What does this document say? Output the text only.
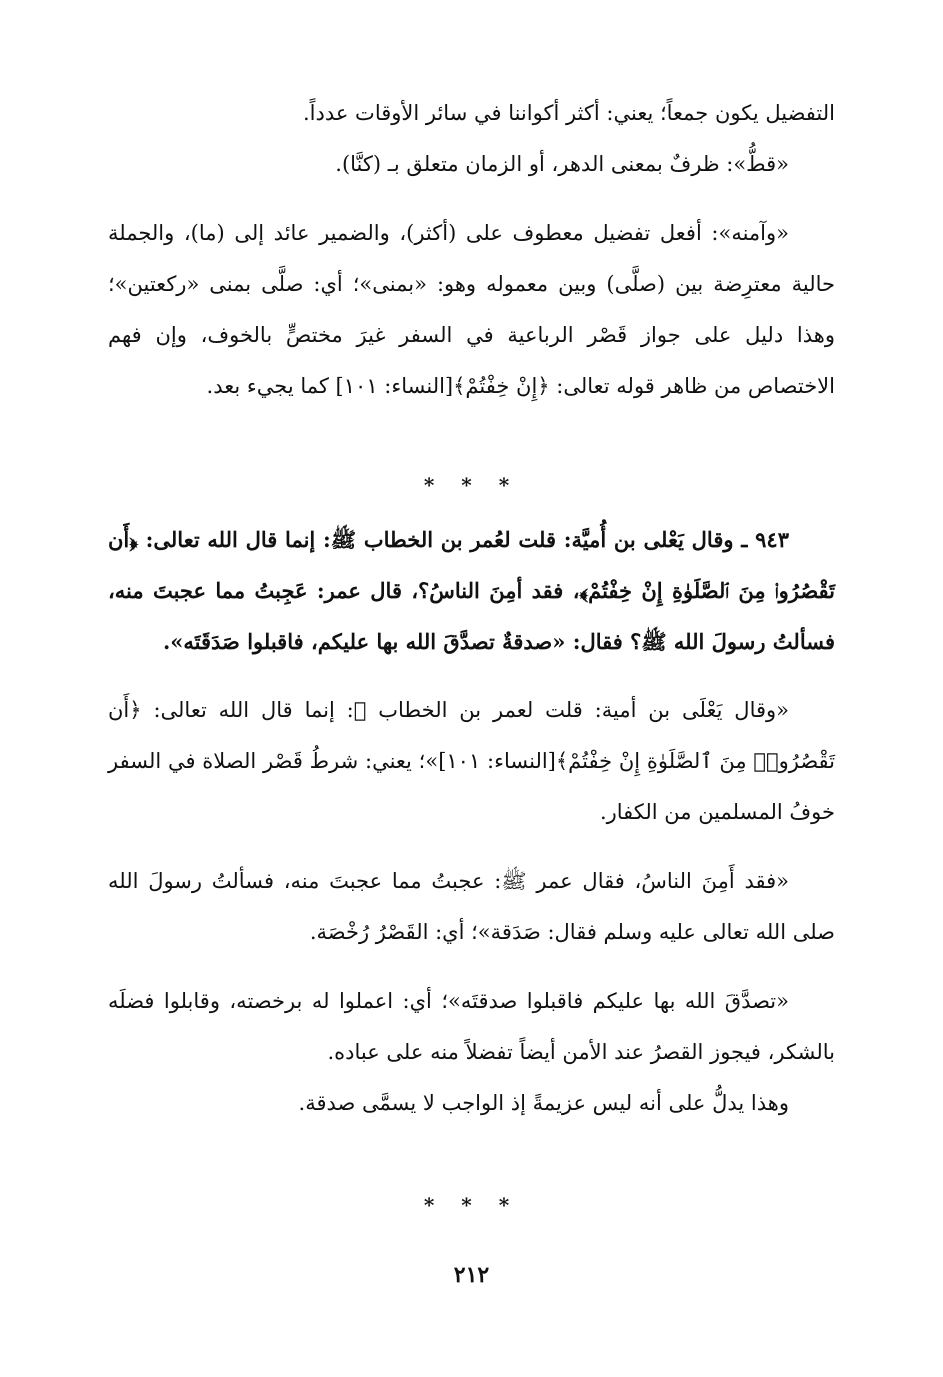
التفضيل يكون جمعاً؛ يعني: أكثر أكواننا في سائر الأوقات عدداً.

«قطُّ»: ظرفٌ بمعنى الدهر، أو الزمان متعلق بـ (كنَّا).

«وآمنه»: أفعل تفضيل معطوف على (أكثر)، والضمير عائد إلى (ما)، والجملة حالية معترِضة بين (صلَّى) وبين معموله وهو: «بمنى»؛ أي: صلَّى بمنى «ركعتين»؛ وهذا دليل على جواز قَصْر الرباعية في السفر غيرَ مختصٍّ بالخوف، وإن فهم الاختصاص من ظاهر قوله تعالى: ﴿إِنْ خِفْتُمْ﴾[النساء: ١٠١] كما يجيء بعد.

٩٤٣ ـ وقال يَعْلى بن أُميَّة: قلت لعُمر بن الخطاب ﷺ: إنما قال الله تعالى: ﴿أَن تَقْصُرُوا۟ مِنَ ٱلصَّلَوٰةِ إِنْ خِفْتُمْ﴾، فقد أمِنَ الناسُ؟، قال عمر: عَجِبتُ مما عجبتَ منه، فسألتُ رسولَ الله ﷺ؟ فقال: «صدقةٌ تصدَّقَ الله بها عليكم، فاقبلوا صَدَقَتَه».

«وقال يَعْلَى بن أمية: قلت لعمر بن الخطاب ﷺ: إنما قال الله تعالى: ﴿أَن تَقْصُرُوا۟ مِنَ ٱلصَّلَوٰةِ إِنْ خِفْتُمْ﴾[النساء: ١٠١]»؛ يعني: شرطُ قَصْر الصلاة في السفر خوفُ المسلمين من الكفار.

«فقد أَمِنَ الناسُ، فقال عمر ﷺ: عجبتُ مما عجبتَ منه، فسألتُ رسولَ الله صلى الله تعالى عليه وسلم فقال: صَدَقة»؛ أي: القَصْرُ رُخْصَة.

«تصدَّقَ الله بها عليكم فاقبلوا صدقتَه»؛ أي: اعملوا له برخصته، وقابلوا فضلَه بالشكر، فيجوز القصرُ عند الأمن أيضاً تفضلاً منه على عباده.

وهذا يدلُّ على أنه ليس عزيمةً إذ الواجب لا يسمَّى صدقة.

* * *
* * *
٢١٢
